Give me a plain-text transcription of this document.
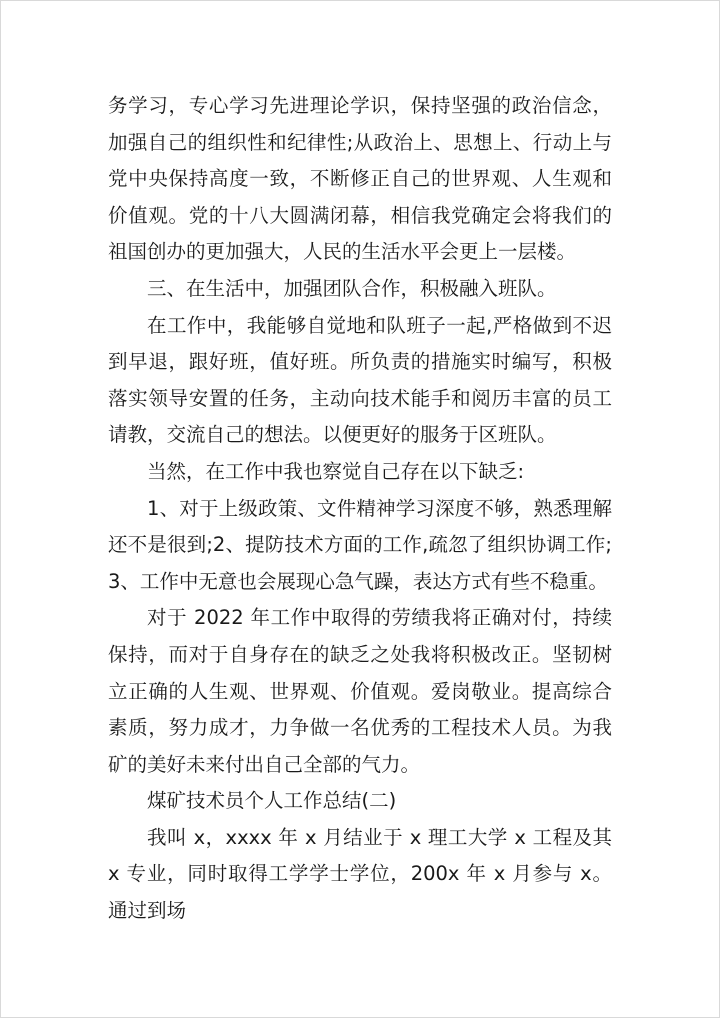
务学习，专心学习先进理论学识，保持坚强的政治信念，加强自己的组织性和纪律性;从政治上、思想上、行动上与党中央保持高度一致，不断修正自己的世界观、人生观和价值观。党的十八大圆满闭幕，相信我党确定会将我们的祖国创办的更加强大，人民的生活水平会更上一层楼。

三、在生活中，加强团队合作，积极融入班队。

在工作中，我能够自觉地和队班子一起,严格做到不迟到早退，跟好班，值好班。所负责的措施实时编写，积极落实领导安置的任务，主动向技术能手和阅历丰富的员工请教，交流自己的想法。以便更好的服务于区班队。

当然，在工作中我也察觉自己存在以下缺乏:

1、对于上级政策、文件精神学习深度不够，熟悉理解还不是很到;2、提防技术方面的工作,疏忽了组织协调工作;3、工作中无意也会展现心急气躁，表达方式有些不稳重。

对于 2022 年工作中取得的劳绩我将正确对付，持续保持，而对于自身存在的缺乏之处我将积极改正。坚韧树立正确的人生观、世界观、价值观。爱岗敬业。提高综合素质，努力成才，力争做一名优秀的工程技术人员。为我矿的美好未来付出自己全部的气力。

煤矿技术员个人工作总结(二)

我叫 x，xxxx 年 x 月结业于 x 理工大学 x 工程及其 x 专业，同时取得工学学士学位，200x 年 x 月参与 x。通过到场
